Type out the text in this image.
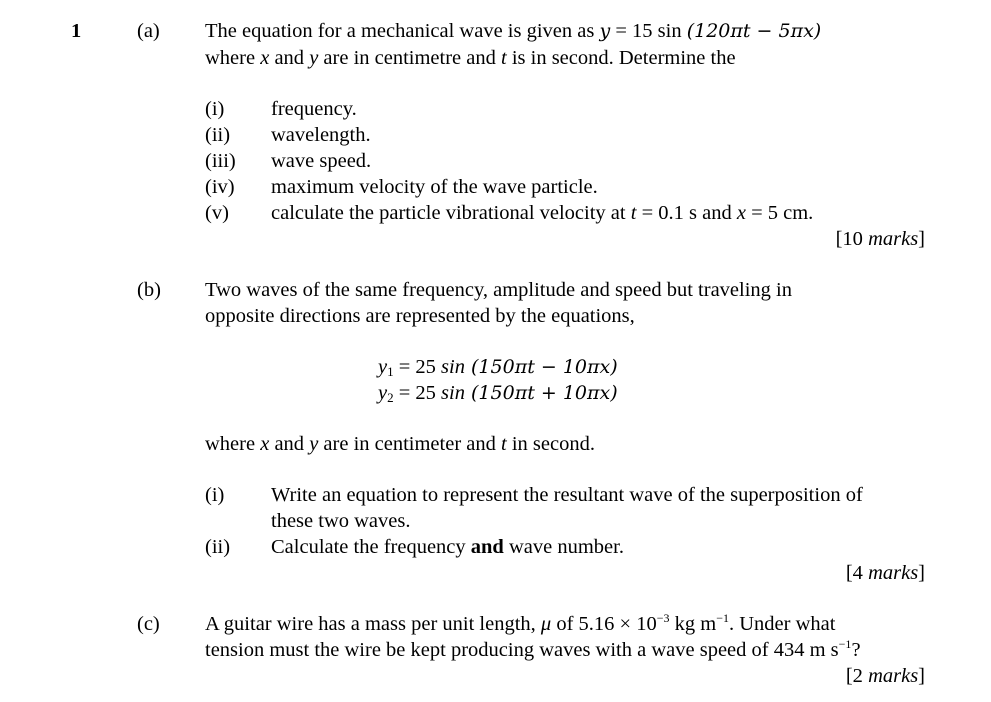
1	(a) The equation for a mechanical wave is given as y = 15 sin (120πt − 5πx)
where x and y are in centimetre and t is in second. Determine the
(i) frequency.
(ii) wavelength.
(iii) wave speed.
(iv) maximum velocity of the wave particle.
(v) calculate the particle vibrational velocity at t = 0.1 s and x = 5 cm.
[10 marks]
(b) Two waves of the same frequency, amplitude and speed but traveling in
opposite directions are represented by the equations,
$y_1 = 25$ sin (150πt − 10πx)
$y_2 = 25$ sin (150πt + 10πx)
where x and y are in centimeter and t in second.
(i) Write an equation to represent the resultant wave of the superposition of
these two waves.
(ii) Calculate the frequency and wave number.
[4 marks]
(c) A guitar wire has a mass per unit length, μ of $5.16 \times 10^{-3}$ kg $m^{-1}$. Under what
tension must the wire be kept producing waves with a wave speed of 434 m $s^{-1}$?
[2 marks]
